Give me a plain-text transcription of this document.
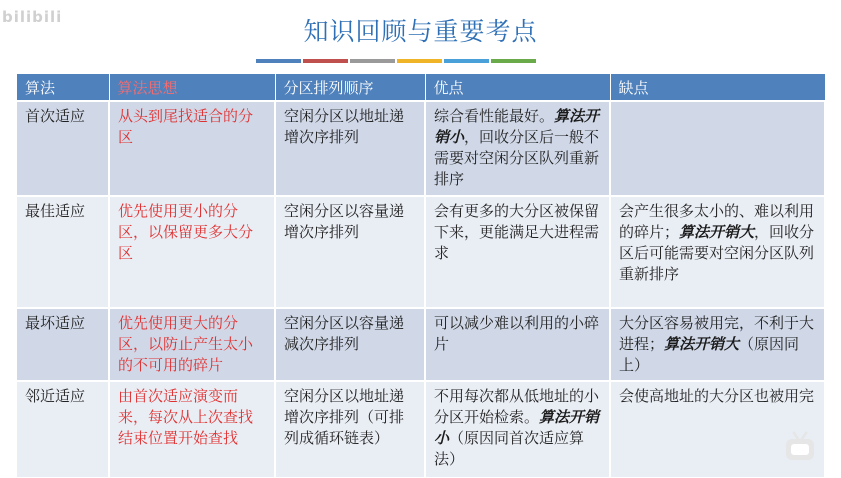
bilibili	知识回顾与重要考点
算法	算法思想	分区排列顺序	优点	缺点
首次适应	从头到尾找适合的分区	空闲分区以地址递增次序排列	综合看性能最好。算法开销小，回收分区后一般不需要对空闲分区队列重新排序	
最佳适应	优先使用更小的分区，以保留更多大分区	空闲分区以容量递增次序排列	会有更多的大分区被保留下来，更能满足大进程需求	会产生很多太小的、难以利用的碎片；算法开销大，回收分区后可能需要对空闲分区队列重新排序
最坏适应	优先使用更大的分区，以防止产生太小的不可用的碎片	空闲分区以容量递减次序排列	可以减少难以利用的小碎片	大分区容易被用完，不利于大进程；算法开销大（原因同上）
邻近适应	由首次适应演变而来，每次从上次查找结束位置开始查找	空闲分区以地址递增次序排列（可排列成循环链表）	不用每次都从低地址的小分区开始检索。算法开销小（原因同首次适应算法）	会使高地址的大分区也被用完
